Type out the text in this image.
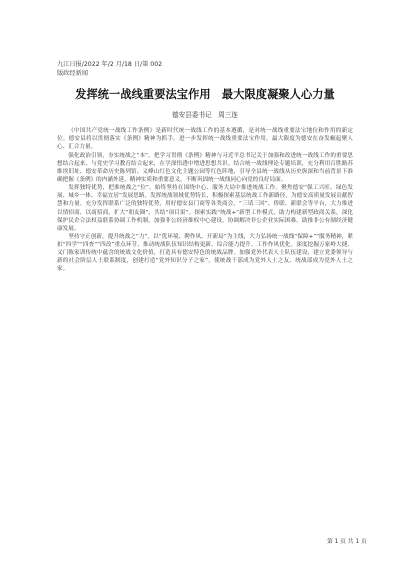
九江日报/2022 年/2 月/18 日/第 002
版政经新闻
发挥统一战线重要法宝作用　最大限度凝聚人心力量
德安县委书记　周三连

《中国共产党统一战线工作条例》是新时代统一战线工作的基本遵循，是对统一战线重要法宝地位和作用的新定位。德安县将以贯彻落实《条例》精神为抓手，进一步发挥统一战线重要法宝作用，最大限度为德安在奋发崛起聚人心、汇合力量。

强化政治引领，夯实统战之“本”。把学习贯彻《条例》精神与习近平总书记关于加强和改进统一战线工作的重要思想结合起来，与党史学习教育结合起来，在学深悟透中增进思想共识。结合统一战线理论专题培训，充分利用百胜路苏维埃旧址、德安革命历史陈列馆、义峰山红色文化主题公园等红色阵地，引导全县统一战线从历史纵深和当前背景下准确把握《条例》的内涵外延，精神实质和重要意义，不断巩固统一战线同心向党的良好局面。

发挥独特优势，把准统战之“位”。始终坚持在围绕中心、服务大局中推进统战工作。聚焦德安“强工兴旺、绿色发展、城乡一体、幸福宜居”发展思路，发挥统战领域优势特长，积极探索基层统战工作新路径，为德安高质量发展贡献智慧和力量。充分发挥联系广泛的独特优势，用好德安县门商等各类商会，“三请三回”、侨联、新联会等平台，大力推进以情招商、以商招商，扩大“朋友圈”，共结“项目果”。探索实践“统战+”新型工作模式，助力构建新型政商关系，深化保护民企合法权益联系协调工作机制，加强非公经济维权中心建设，协调解决非公企业实际困难，助推非公有制经济健康发展。

坚持守正创新，提升统战之“力”。以“优环境、聘作风、开新局”为主线，大力弘扬统一战线“保障+”“服务精神，紧扣“四学”“四查”“四改”重点环节，推动统战队伍知识结构更新、综合能力提升、工作作风优化。深度挖掘万家岭大捷、义门陈家训传统中蕴含的统战文化价值，打造具有德安特色的统战品牌。加强党外代表人士队伍建设，建立党委领导与新的社会阶层人士联系制度，创建打造“党外知识分子之家”，使统战干部成为党外人士之友、统战部成为党外人士之家。

第 1 页 共 1 页
